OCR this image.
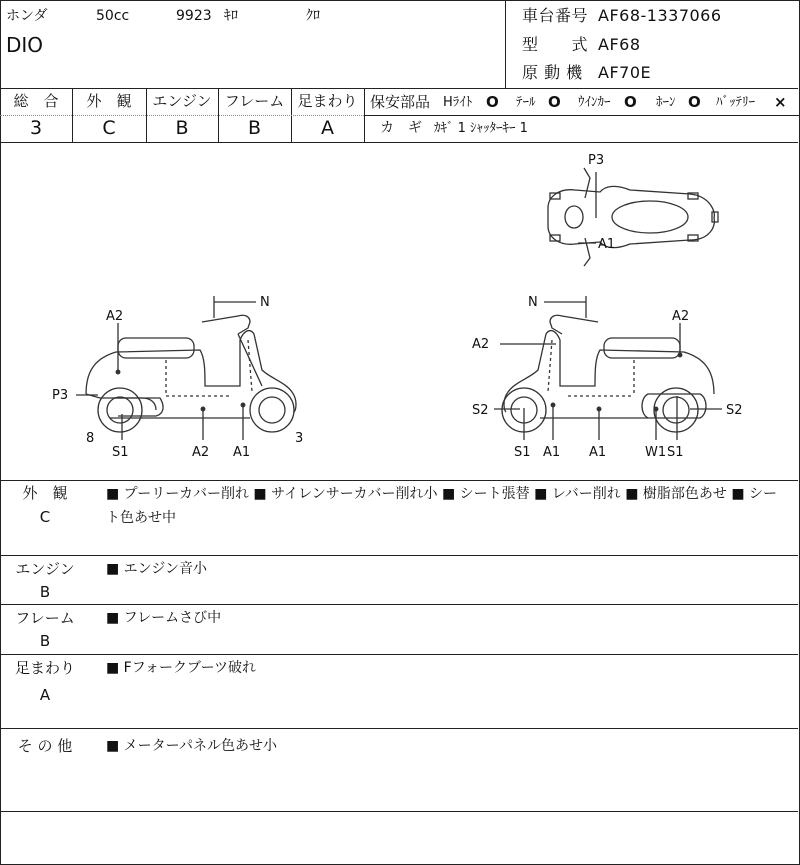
ホンダ	50cc	9923 ｷﾛ	ｸﾛ
DIO
車台番号 AF68-1337066
型　　式 AF68
原 動 機 AF70E
総　合
3
外　観
C
エンジン
B
フレーム
B
足まわり
A
保安部品 Hﾗｲﾄ O ﾃｰﾙ O ｳｲﾝｶｰ O ﾎｰﾝ O ﾊﾞｯﾃﾘｰ ×
カ　ギ ｶｷﾞ 1 ｼｬｯﾀｰｷｰ 1
P3
A1
A2
N
P3
8	3
S1	A2 A1
N
A2
A2
S2	S2
S1 A1 A1	W1 S1
外　観
C
■ プーリーカバー削れ ■ サイレンサーカバー削れ小 ■ シート張替 ■ レバー削れ ■ 樹脂部色あせ ■ シート色あせ中
エンジン
B
■ エンジン音小
フレーム
B
■ フレームさび中
足まわり
A
■ Fフォークブーツ破れ
そ の 他	■ メーターパネル色あせ小
